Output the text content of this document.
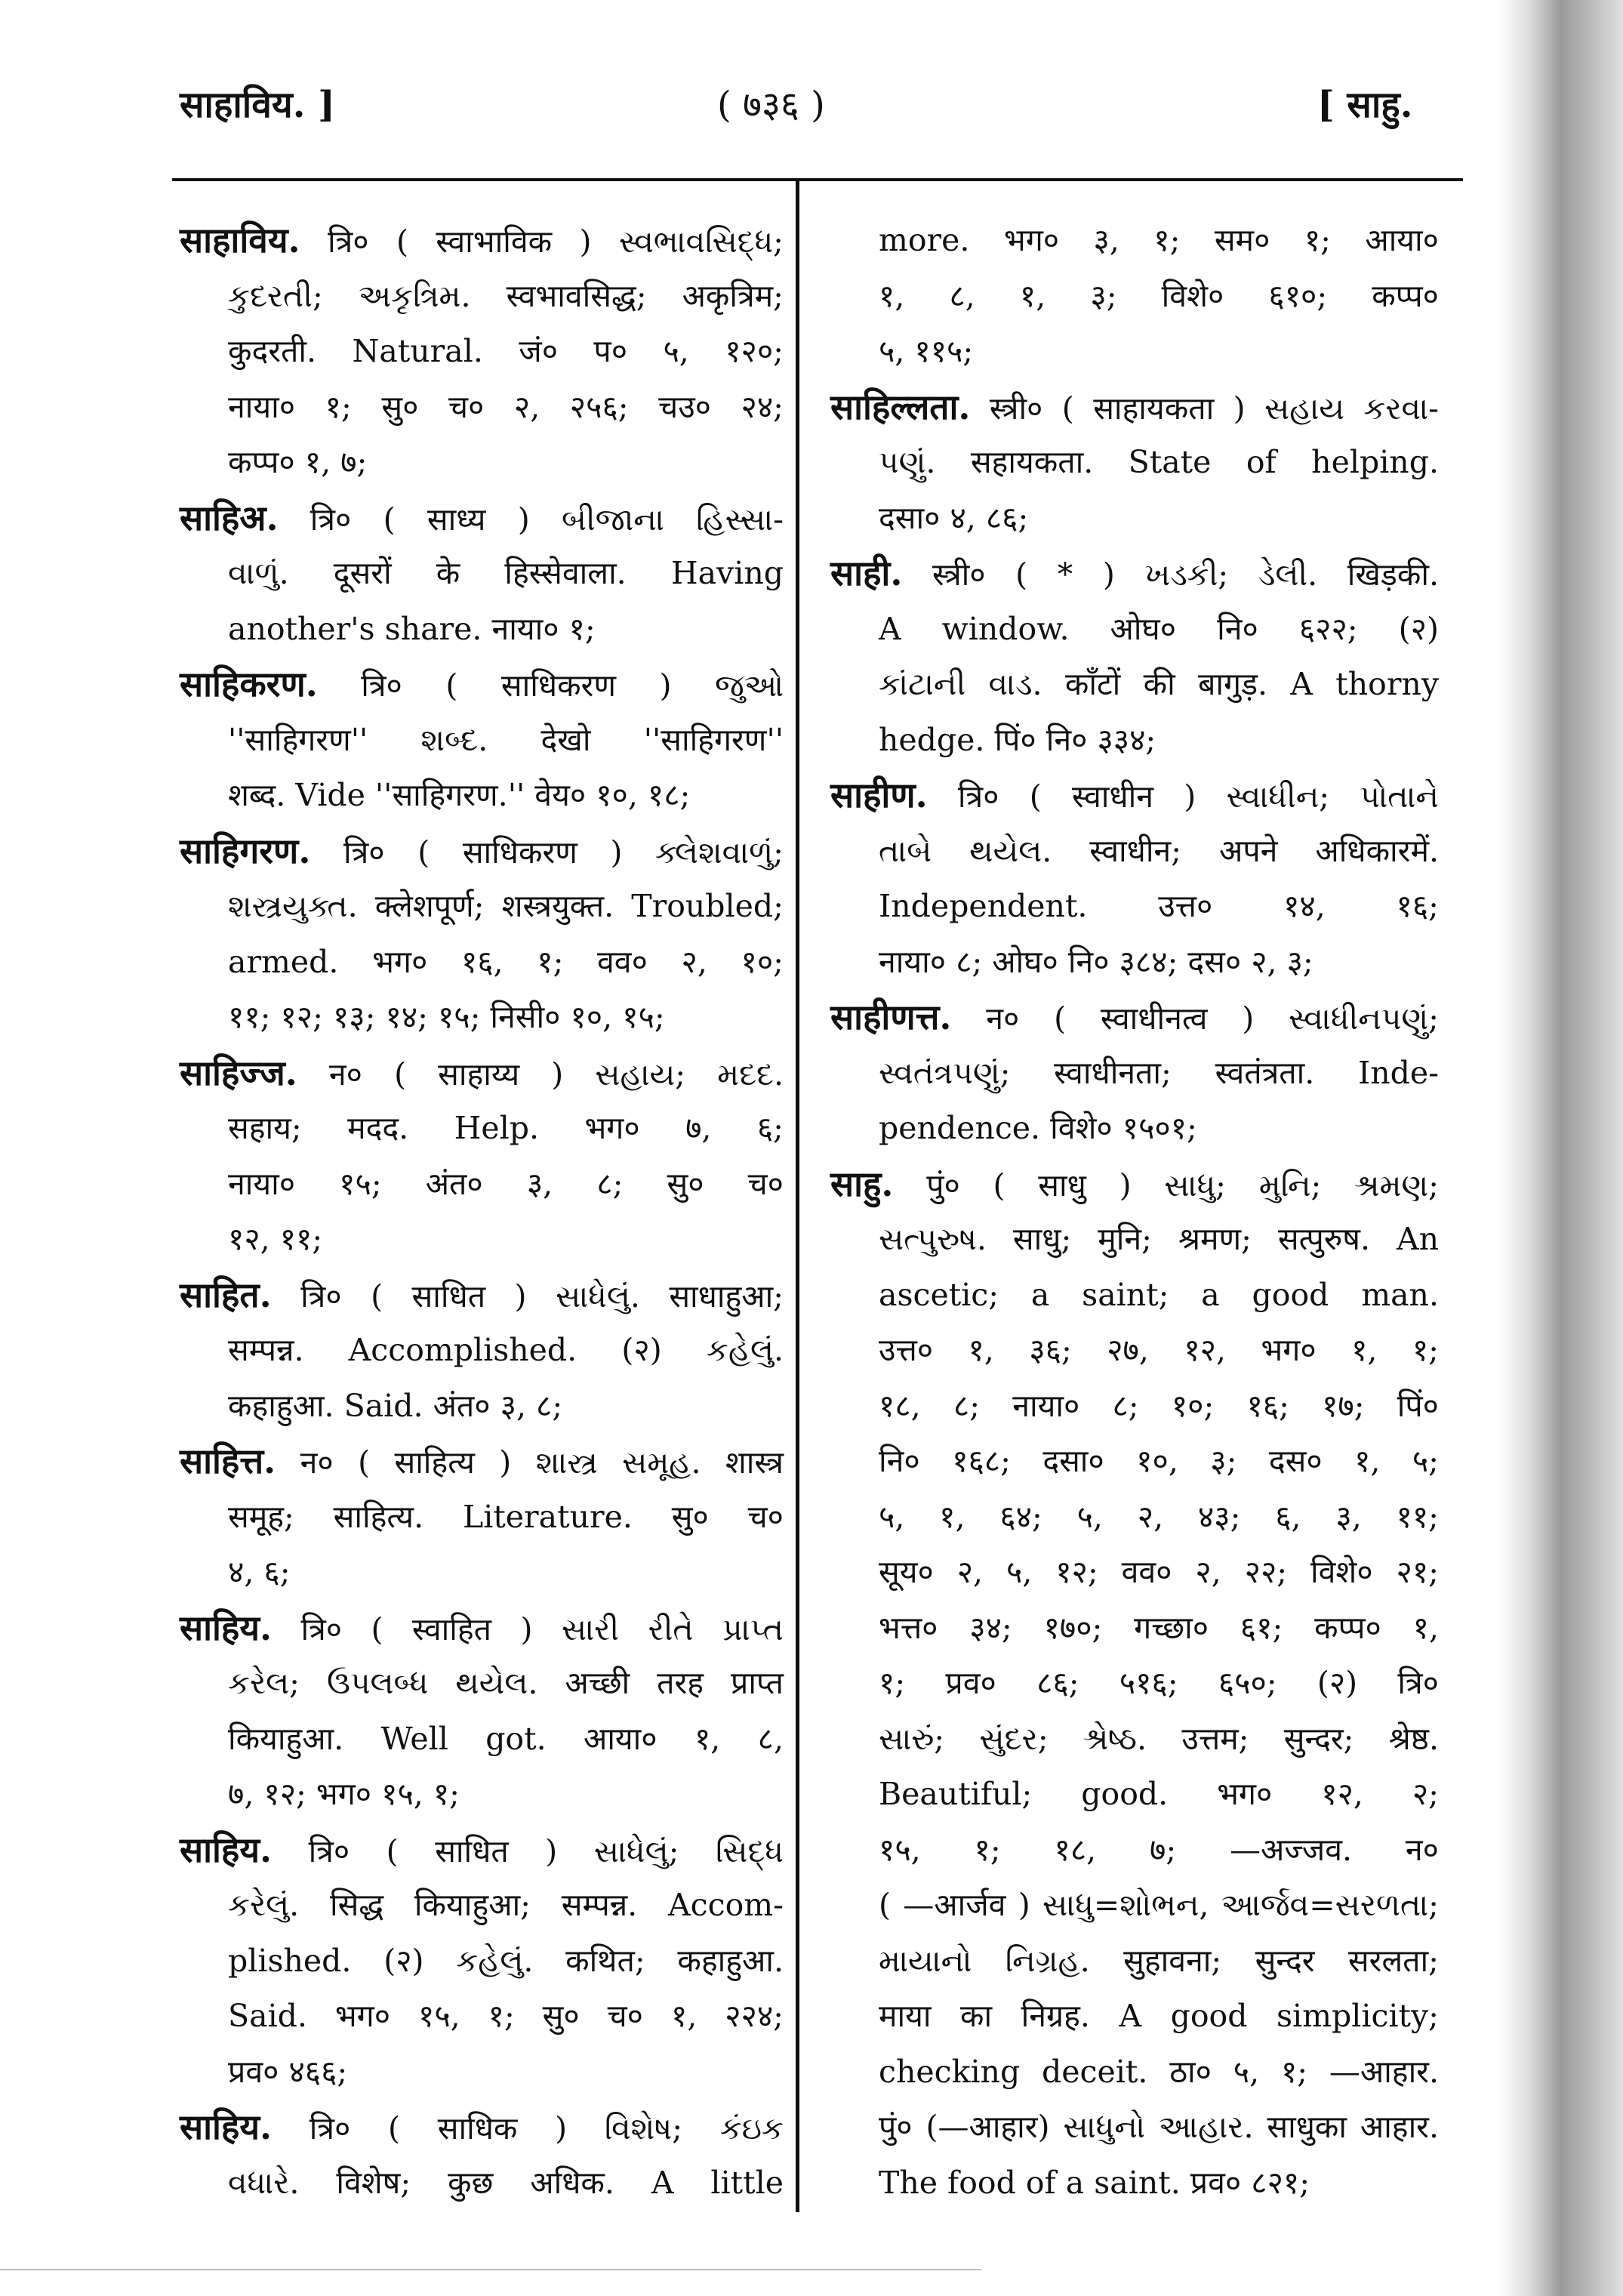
साहाविय. ]	( ७३६ )	[ साहु.
साहाविय. त्रि० ( स्वाभाविक ) સ્વભાવસિદ્ધ;
કુદરતી; અકૃત્રિમ. स्वभावसिद्ध; अकृत्रिम;
कुदरती. Natural. जं० प० ५, १२०;
नाया० १; सु० च० २, २५६; चउ० २४;
कप्प० १, ७;
साहिअ. त्रि० ( साध्य ) બીજાના હિસ્સા-
વાળું. दूसरों के हिस्सेवाला. Having
another's share. नाया० १;
साहिकरण. त्रि० ( साधिकरण ) જુઓ
''साहिगरण'' શબ્દ. देखो ''साहिगरण''
शब्द. Vide ''साहिगरण.'' वेय० १०, १८;
साहिगरण. त्रि० ( साधिकरण ) ક્લેશવાળું;
શસ્ત્રયુક્ત. क्लेशपूर्ण; शस्त्रयुक्त. Troubled;
armed. भग० १६, १; वव० २, १०;
११; १२; १३; १४; १५; निसी० १०, १५;
साहिज्ज. न० ( साहाय्य ) સહાય; મદદ.
सहाय; मदद. Help. भग० ७, ६;
नाया० १५; अंत० ३, ८; सु० च०
१२, ११;
साहित. त्रि० ( साधित ) સાધેલું. साधाहुआ;
सम्पन्न. Accomplished. (२) કહેલું.
कहाहुआ. Said. अंत० ३, ८;
साहित्त. न० ( साहित्य ) શાસ્ત્ર સમૂહ. शास्त्र
समूह; साहित्य. Literature. सु० च०
४, ६;
साहिय. त्रि० ( स्वाहित ) સારી રીતે પ્રાપ્ત
કરેલ; ઉપલબ્ધ થયેલ. अच्छी तरह प्राप्त
कियाहुआ. Well got. आया० १, ८,
७, १२; भग० १५, १;
साहिय. त्रि० ( साधित ) સાધેલું; સિદ્ધ
કરેલું. सिद्ध कियाहुआ; सम्पन्न. Accom-
plished. (२) કહેલું. कथित; कहाहुआ.
Said. भग० १५, १; सु० च० १, २२४;
प्रव० ४६६;
साहिय. त्रि० ( साधिक ) વિશેષ; કંઇક
વધારે. विशेष; कुछ अधिक. A little
more. भग० ३, १; सम० १; आया०
१, ८, १, ३; विशे० ६१०; कप्प०
५, ११५;
साहिल्लता. स्त्री० ( साहायकता ) સહાય કરવા-
પણું. सहायकता. State of helping.
दसा० ४, ८६;
साही. स्त्री० ( * ) ખડકી; ડેલી. खिड़की.
A window. ओघ० नि० ६२२; (२)
કાંટાની વાડ. काँटों की बागुड़. A thorny
hedge. पिं० नि० ३३४;
साहीण. त्रि० ( स्वाधीन ) સ્વાધીન; પોતાને
તાબે થયેલ. स्वाधीन; अपने अधिकारमें.
Independent. उत्त० १४, १६;
नाया० ८; ओघ० नि० ३८४; दस० २, ३;
साहीणत्त. न० ( स्वाधीनत्व ) સ્વાધીનપણું;
સ્વતંત્રપણું; स्वाधीनता; स्वतंत्रता. Inde-
pendence. विशे० १५०१;
साहु. पुं० ( साधु ) સાધુ; મુનિ; શ્રમણ;
સત્પુરુષ. साधु; मुनि; श्रमण; सत्पुरुष. An
ascetic; a saint; a good man.
उत्त० १, ३६; २७, १२, भग० १, १;
१८, ८; नाया० ८; १०; १६; १७; पिं०
नि० १६८; दसा० १०, ३; दस० १, ५;
५, १, ६४; ५, २, ४३; ६, ३, ११;
सूय० २, ५, १२; वव० २, २२; विशे० २१;
भत्त० ३४; १७०; गच्छा० ६१; कप्प० १,
१; प्रव० ८६; ५१६; ६५०; (२) त्रि०
સારું; સુંદર; શ્રેષ્ઠ. उत्तम; सुन्दर; श्रेष्ठ.
Beautiful; good. भग० १२, २;
१५, १; १८, ७; —अज्जव. न०
( —आर्जव ) સાધુ=શોભન, આર્જવ=સરળતા;
માયાનો નિગ્રહ. सुहावना; सुन्दर सरलता;
माया का निग्रह. A good simplicity;
checking deceit. ठा० ५, १; —आहार.
पुं० (—आहार) સાધુનો આહાર. साधुका आहार.
The food of a saint. प्रव० ८२१;
